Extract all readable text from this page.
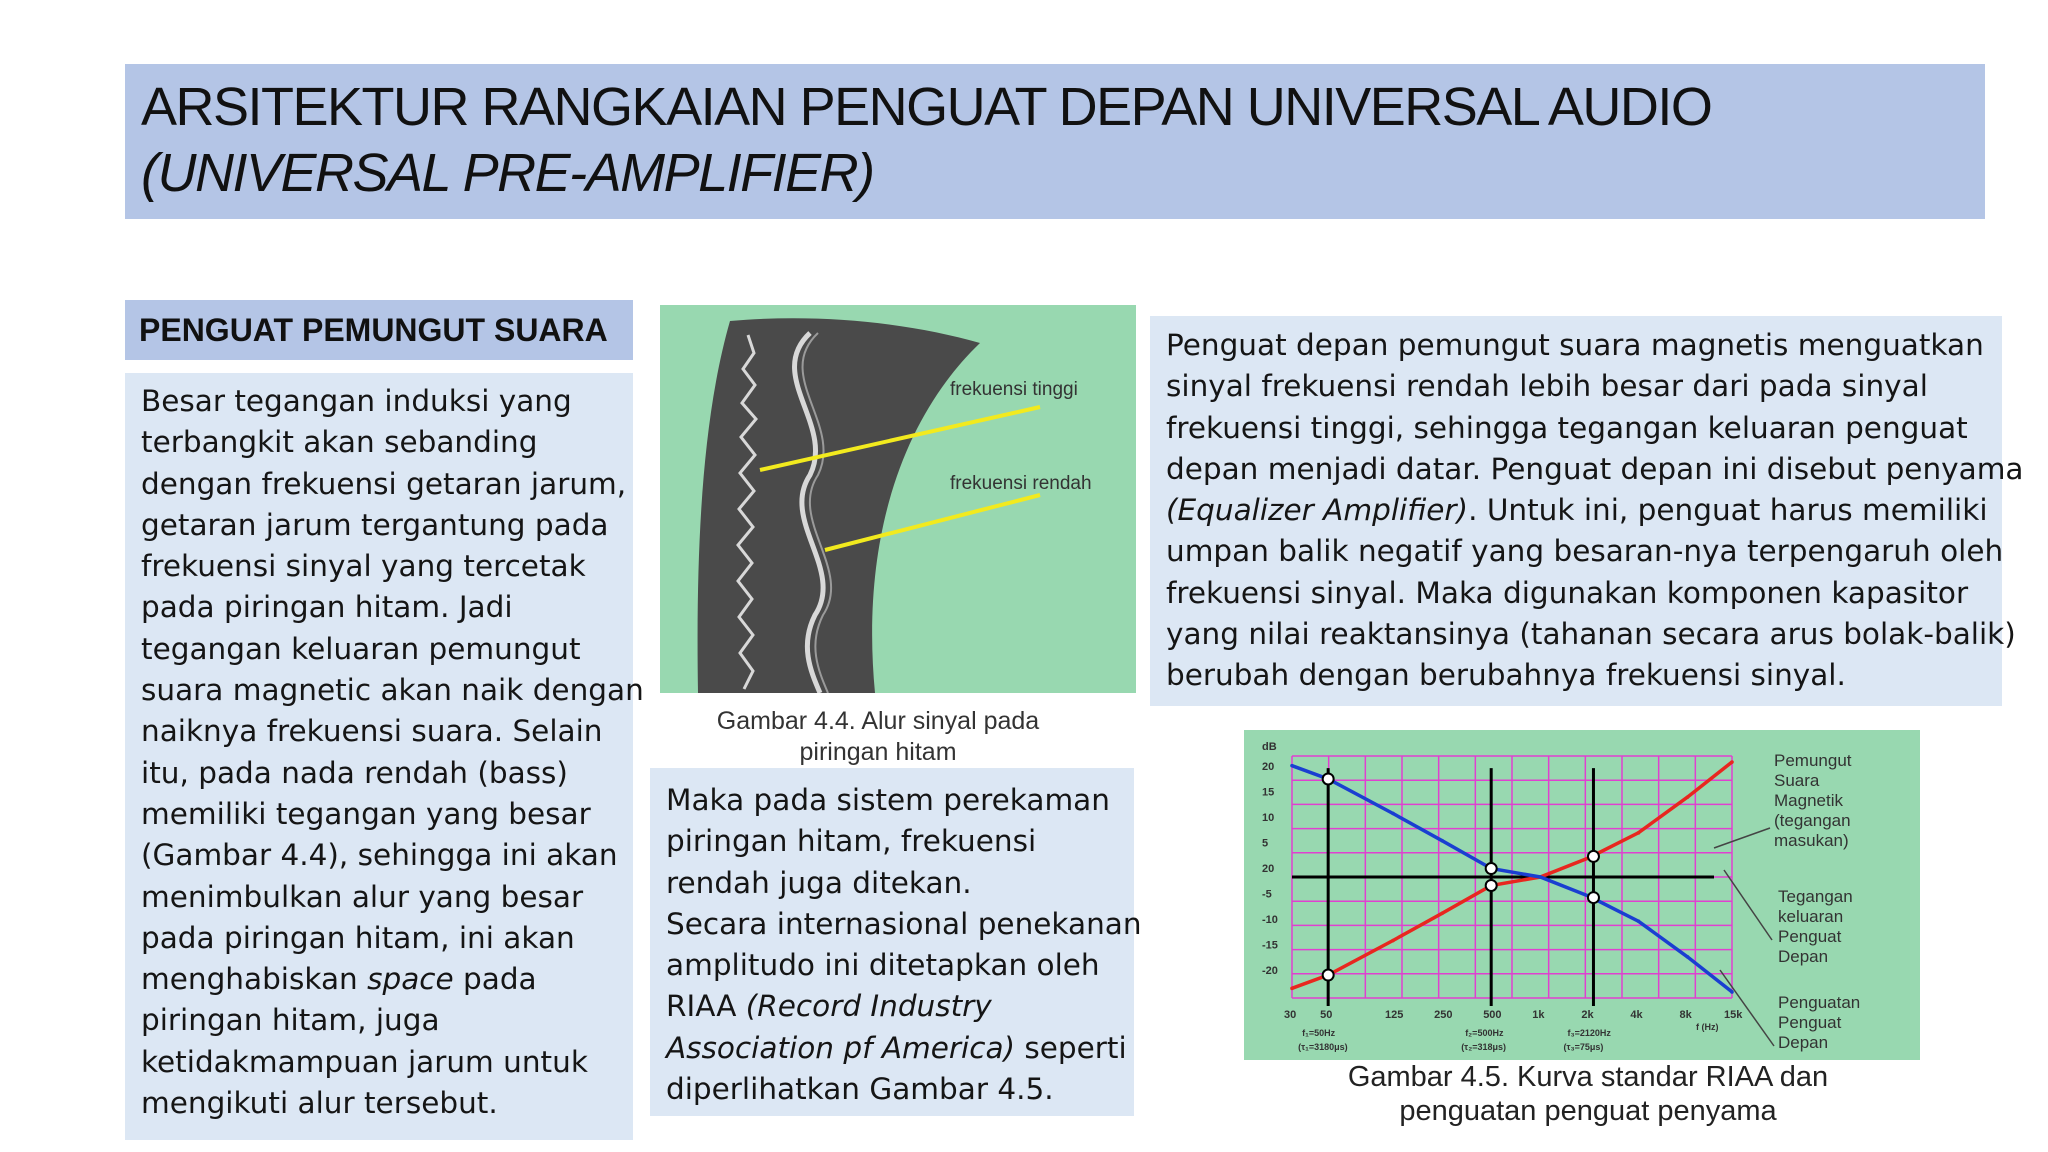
ARSITEKTUR RANGKAIAN PENGUAT DEPAN UNIVERSAL AUDIO
(UNIVERSAL PRE-AMPLIFIER)
PENGUAT PEMUNGUT SUARA
Besar tegangan induksi yang
terbangkit akan sebanding
dengan frekuensi getaran jarum,
getaran jarum tergantung pada
frekuensi sinyal yang tercetak
pada piringan hitam. Jadi
tegangan keluaran pemungut
suara magnetic akan naik dengan
naiknya frekuensi suara. Selain
itu, pada nada rendah (bass)
memiliki tegangan yang besar
(Gambar 4.4), sehingga ini akan
menimbulkan alur yang besar
pada piringan hitam, ini akan
menghabiskan space pada
piringan hitam, juga
ketidakmampuan jarum untuk
mengikuti alur tersebut.
frekuensi tinggi
frekuensi rendah
Gambar 4.4. Alur sinyal pada
piringan hitam
Maka pada sistem perekaman
piringan hitam, frekuensi
rendah juga ditekan.
Secara internasional penekanan
amplitudo ini ditetapkan oleh
RIAA (Record Industry
Association pf America) seperti
diperlihatkan Gambar 4.5.
Penguat depan pemungut suara magnetis menguatkan
sinyal frekuensi rendah lebih besar dari pada sinyal
frekuensi tinggi, sehingga tegangan keluaran penguat
depan menjadi datar. Penguat depan ini disebut penyama
(Equalizer Amplifier). Untuk ini, penguat harus memiliki
umpan balik negatif yang besaran-nya terpengaruh oleh
frekuensi sinyal. Maka digunakan komponen kapasitor
yang nilai reaktansinya (tahanan secara arus bolak-balik)
berubah dengan berubahnya frekuensi sinyal.
dB
20
15
10
5
20
-5
-10
-15
-20
30 50	125	250	500	1k	2k	4k	8k	15k
f (Hz)
f₁=50Hz
(τ₁=3180μs)
f₂=500Hz
(τ₂=318μs)
f₃=2120Hz
(τ₃=75μs)
Pemungut
Suara
Magnetik
(tegangan
masukan)
Tegangan
keluaran
Penguat
Depan
Penguatan
Penguat
Depan
Gambar 4.5. Kurva standar RIAA dan
penguatan penguat penyama
